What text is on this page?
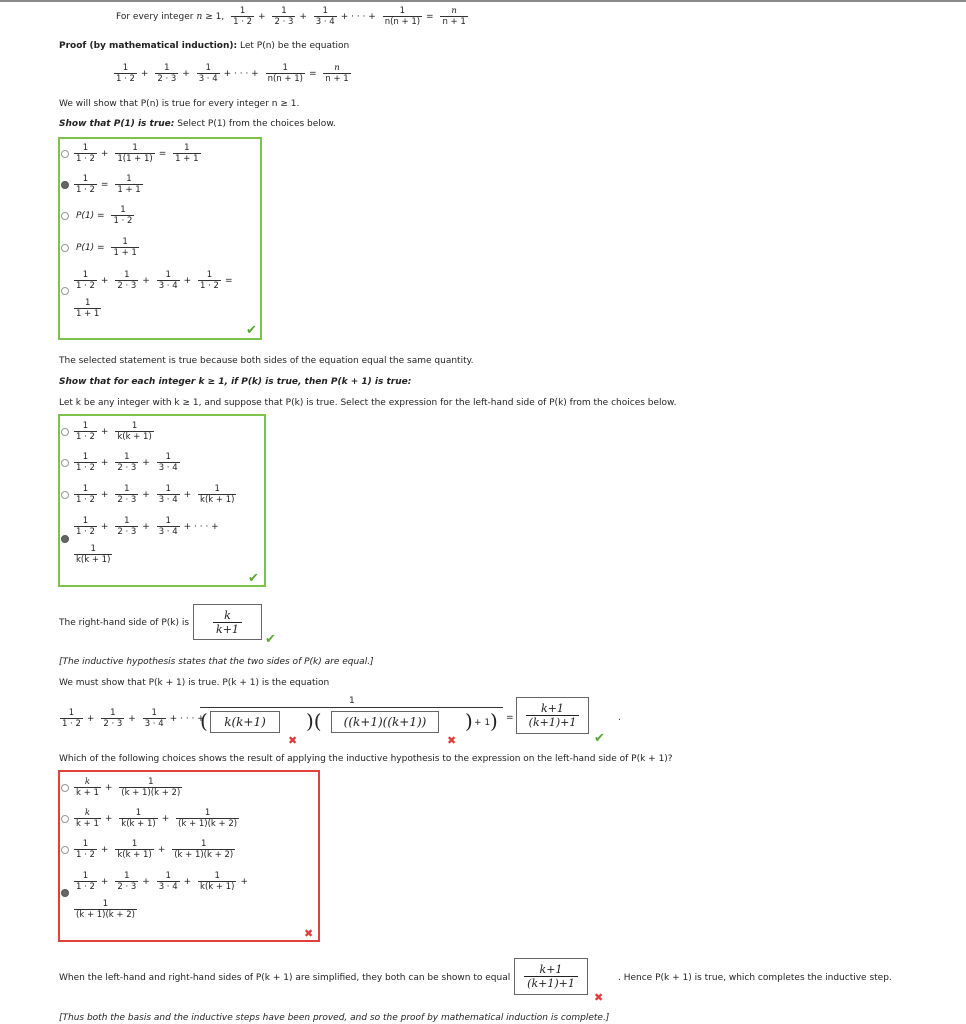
For every integer n ≥ 1, $\frac{1}{1 \cdot 2} + \frac{1}{2 \cdot 3} + \frac{1}{3 \cdot 4}$ + · · · + $\frac{1}{n(n + 1)} = \frac{n}{n + 1}$
Proof (by mathematical induction): Let P(n) be the equation
$\frac{1}{1 \cdot 2} + \frac{1}{2 \cdot 3} + \frac{1}{3 \cdot 4}$ + · · · + $\frac{1}{n(n + 1)} = \frac{n}{n + 1}$
We will show that P(n) is true for every integer n ≥ 1.
Show that P(1) is true: Select P(1) from the choices below.
$\frac{1}{1 \cdot 2} + \frac{1}{1(1 + 1)} = \frac{1}{1 + 1}$
$\frac{1}{1 \cdot 2} = \frac{1}{1 + 1}$
$P(1) = \frac{1}{1 \cdot 2}$
$P(1) = \frac{1}{1 + 1}$
$\frac{1}{1 \cdot 2} + \frac{1}{2 \cdot 3} + \frac{1}{3 \cdot 4} + \frac{1}{1 \cdot 2}$ =
$\frac{1}{1 + 1}$
✔
The selected statement is true because both sides of the equation equal the same quantity.
Show that for each integer k ≥ 1, if P(k) is true, then P(k + 1) is true:
Let k be any integer with k ≥ 1, and suppose that P(k) is true. Select the expression for the left-hand side of P(k) from the choices below.
$\frac{1}{1 \cdot 2} + \frac{1}{k(k + 1)}$
$\frac{1}{1 \cdot 2} + \frac{1}{2 \cdot 3} + \frac{1}{3 \cdot 4}$
$\frac{1}{1 \cdot 2} + \frac{1}{2 \cdot 3} + \frac{1}{3 \cdot 4} + \frac{1}{k(k + 1)}$
$\frac{1}{1 \cdot 2} + \frac{1}{2 \cdot 3} + \frac{1}{3 \cdot 4}$ + · · · +
$\frac{1}{k(k + 1)}$
✔
The right-hand side of P(k) is
k
k+1
✔
[The inductive hypothesis states that the two sides of P(k) are equal.]
We must show that P(k + 1) is true. P(k + 1) is the equation
$\frac{1}{1 \cdot 2} + \frac{1}{2 \cdot 3} + \frac{1}{3 \cdot 4}$ + · · · +
1
(	k(k+1)
✖
)(	((k+1)((k+1))
✖
) + 1 ) =
k+1
(k+1)+1	.
✔
Which of the following choices shows the result of applying the inductive hypothesis to the expression on the left-hand side of P(k + 1)?
$\frac{k}{k + 1} + \frac{1}{(k + 1)(k + 2)}$
$\frac{k}{k + 1} + \frac{1}{k(k + 1)} + \frac{1}{(k + 1)(k + 2)}$
$\frac{1}{1 \cdot 2} + \frac{1}{k(k + 1)} + \frac{1}{(k + 1)(k + 2)}$
$\frac{1}{1 \cdot 2} + \frac{1}{2 \cdot 3} + \frac{1}{3 \cdot 4} + \frac{1}{k(k + 1)}$ +
$\frac{1}{(k + 1)(k + 2)}$
✖
When the left-hand and right-hand sides of P(k + 1) are simplified, they both can be shown to equal
k+1
(k+1)+1
✖
. Hence P(k + 1) is true, which completes the inductive step.
[Thus both the basis and the inductive steps have been proved, and so the proof by mathematical induction is complete.]
